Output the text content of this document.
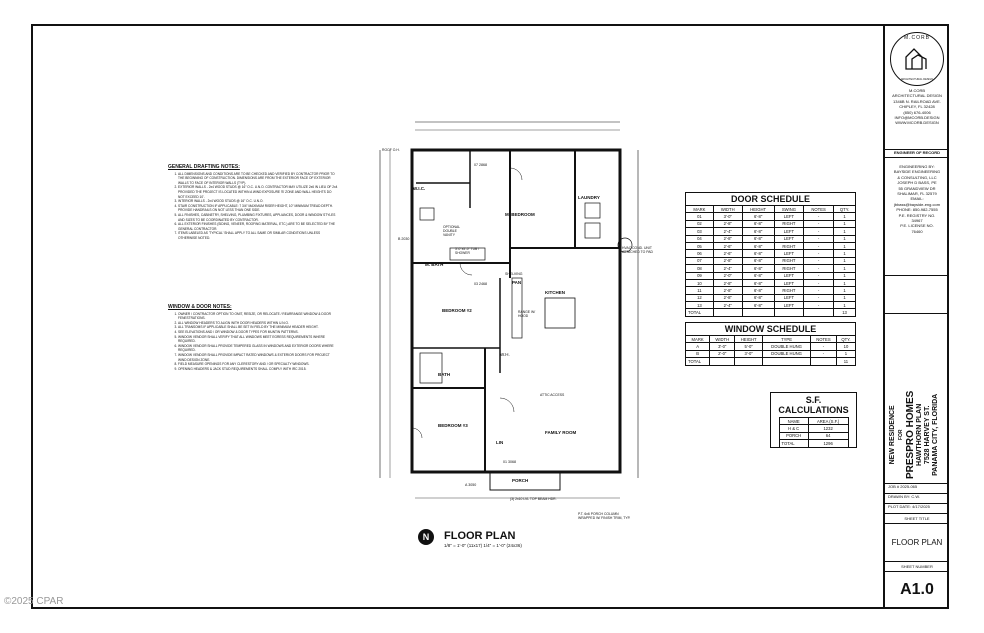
GENERAL DRAFTING NOTES:
1. ALL DIMENSIONS AND CONDITIONS ARE TO BE CHECKED AND VERIFIED BY CONTRACTOR PRIOR TO THE BEGINNING OF CONSTRUCTION. DIMENSIONS ARE FROM THE EXTERIOR FACE OF EXTERIOR WALLS TO FACE OF INTERIOR WALLS (TYP).
2. EXTERIOR WALLS - 2x4 WOOD STUDS @ 16" O.C. U.N.O. CONTRACTOR MAY UTILIZE 2x6 IN LIEU OF 2x4 PROVIDED THE PROJECT IS LOCATED WITHIN A WIND EXPOSURE 'B' ZONE AND WALL HEIGHTS DO NOT EXCEED 10'.
3. INTERIOR WALLS - 2x4 WOOD STUDS @ 16" O.C. U.N.O.
4. STAIR CONSTRUCTION IF APPLICABLE: 7 3/4" MAXIMUM RISER HEIGHT, 10" MINIMUM TREAD DEPTH. PROVIDE HANDRAILS ON NOT LESS THAN ONE SIDE.
5. ALL FINISHES, CABINETRY, SHELVING, PLUMBING FIXTURES, APPLIANCES, DOOR & WINDOW STYLES AND SIZES TO BE COORDINATED BY CONTRACTOR.
6. ALL EXTERIOR FINISHES (SIDING, VENEER, ROOFING MATERIAL, ETC.) ARE TO BE SELECTED BY THE GENERAL CONTRACTOR.
7. ITEMS LABELED AS 'TYPICAL' SHALL APPLY TO ALL SAME OR SIMILAR CONDITIONS UNLESS OTHERWISE NOTED.
WINDOW & DOOR NOTES:
1. OWNER / CONTRACTOR OPTION TO OMIT, RESIZE, OR RELOCATE / REARRANGE WINDOW & DOOR FENESTRATIONS.
2. ALL WINDOW HEADERS TO ALIGN WITH DOOR HEADERS WITHIN U.N.O.
3. ALL TRANSOMS IF APPLICABLE SHALL BE SET IN FIELD BY THE MINIMUM HEADER HEIGHT.
4. SEE ELEVATIONS AND / OR WINDOW & DOOR TYPES FOR MUNTIN PATTERNS.
5. WINDOW VENDOR SHALL VERIFY THAT ALL WINDOWS MEET EGRESS REQUIREMENTS WHERE REQUIRED.
6. WINDOW VENDOR SHALL PROVIDE TEMPERED GLASS IN WINDOWS AND EXTERIOR DOORS WHERE REQUIRED.
7. WINDOW VENDOR SHALL PROVIDE IMPACT RATED WINDOWS & EXTERIOR DOORS FOR PROJECT WIND DESIGN ZONE.
8. FIELD MEASURE OPENINGS FOR ANY CLERESTORY AND / OR SPECIALTY WINDOWS.
9. OPENING HEADERS & JACK STUD REQUIREMENTS SHALL COMPLY WITH IRC 2015.
W.I.C.
M. BEDROOM
LAUNDRY
M. BATH
3'-0"x5'-0" TUB / SHOWER
BEDROOM #2
KITCHEN
PAN
SHELVING
BATH
BEDROOM #3
FAMILY ROOM
PORCH
LIN
W.H.
HVAC COND. UNIT ATTACHED TO PAD
P.T. 6x6 PORCH COLUMN WRAPPED W/ FINISH TRIM, TYP.
(3) 2x10 LVL TOP BEAM HDR.
OPTIONAL DOUBLE VANITY
RANGE W/ HOOD
ATTIC ACCESS
ROOF O.H.
03 2468
07 2868
01 3068
A 3050
B 2030
N	FLOOR PLAN
1/8" = 1'-0" (11x17) 1/4" = 1'-0" (24x36)
DOOR SCHEDULE					
MARK	WIDTH	HEIGHT	SWING	NOTES	QTY.
01	3'-0"	6'-8"	LEFT	-	1
02	2'-8"	6'-8"	RIGHT	-	1
03	2'-4"	6'-8"	LEFT	-	1
04	2'-8"	6'-8"	LEFT	-	1
05	2'-6"	6'-8"	RIGHT	-	1
06	2'-6"	6'-8"	LEFT	-	1
07	2'-8"	6'-8"	RIGHT	-	1
08	2'-4"	6'-8"	RIGHT	-	1
09	2'-0"	6'-8"	LEFT	-	1
10	2'-8"	6'-8"	LEFT	-	1
11	2'-8"	6'-8"	RIGHT	-	1
12	2'-8"	6'-8"	LEFT	-	1
13	2'-4"	6'-8"	LEFT	-	1
TOTAL					13
WINDOW SCHEDULE					
MARK	WIDTH	HEIGHT	TYPE	NOTES	QTY.
A	3'-0"	5'-0"	DOUBLE HUNG	-	10
B	2'-0"	3'-0"	DOUBLE HUNG	-	1
TOTAL					11
S.F.
CALCULATIONS
NAME	AREA (S.F.)
H & C	1232
PORCH	64
TOTAL	1296
M.CORB
ARCHITECTURAL DESIGN
M.CORB
ARCHITECTURAL DESIGN
1346B N. RAILROAD AVE.
CHIPLEY, FL 32428
(850) 676-4006
INFO@MCORB.DESIGN
WWW.MCORB.DESIGN
ENGINEER OF RECORD
ENGINEERING BY:
BAYSIDE ENGINEERING
& CONSULTING, LLC
JOSEPH D BASS, PE
55 GRANDVIEW DR
SHALIMAR, FL 32579
EMAIL:
jbbass@bayside-eng.com
PHONE: 850-982-7555
P.E. REGISTRY NO.
34967
P.E. LICENSE NO.
76460
NEW RESIDENCE FOR PRESPRO HOMES HAWTHORN PLAN 7528 HARVEY ST. PANAMA CITY, FLORIDA
JOB # 2025-065
DRAWN BY: C.W.
PLOT DATE: 4/17/2025
SHEET TITLE
FLOOR PLAN
SHEET NUMBER
A1.0
©2025 CPAR
